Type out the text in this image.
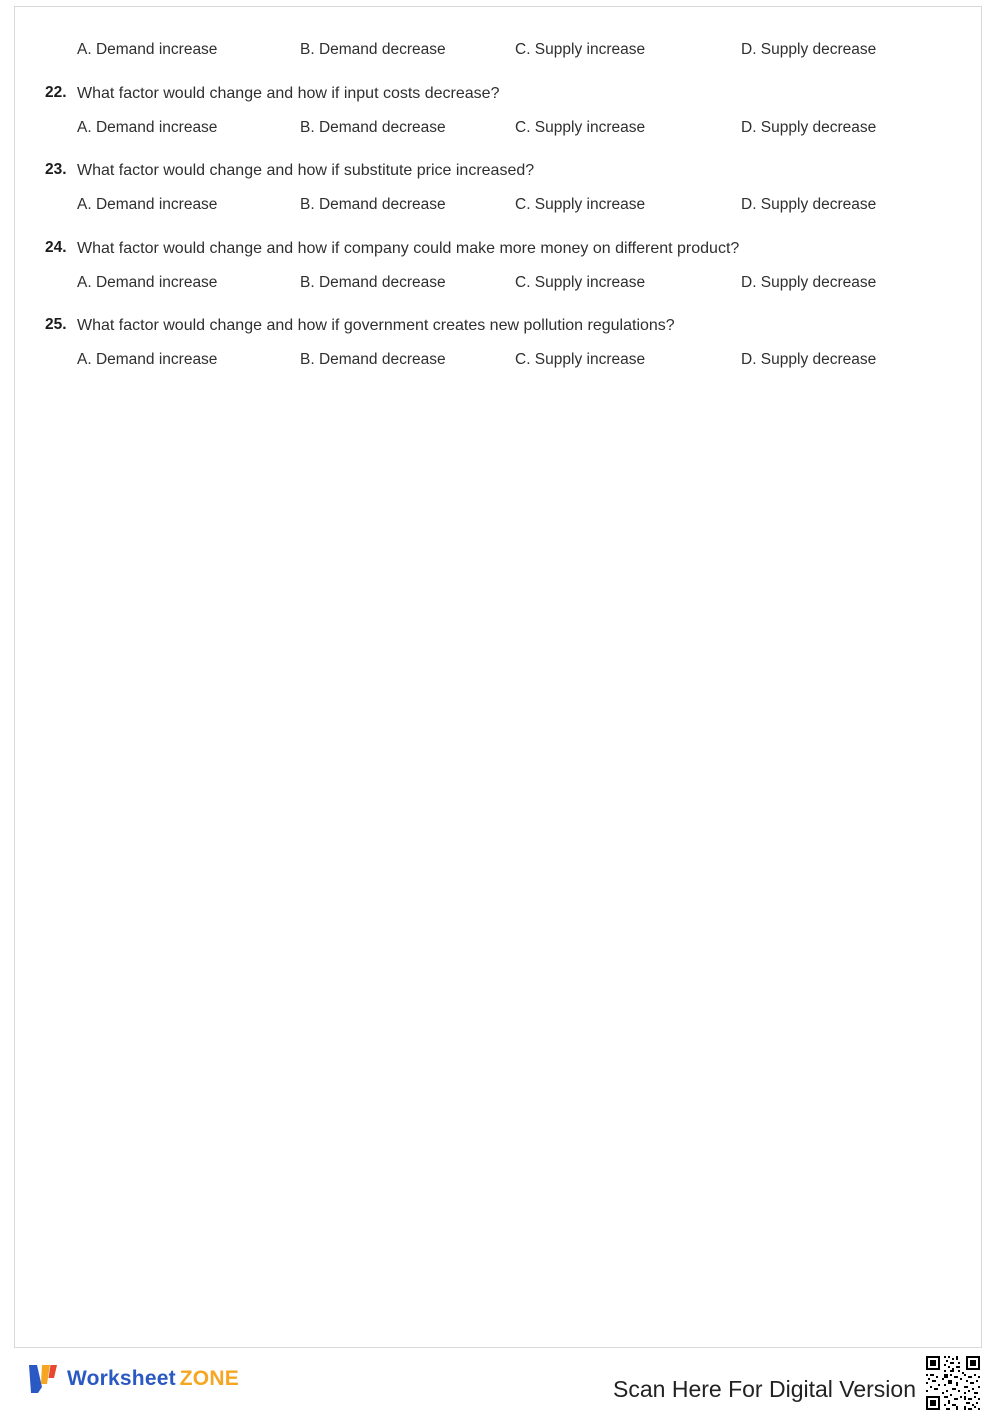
A. Demand increase	B. Demand decrease	C. Supply increase	D. Supply decrease
22. What factor would change and how if input costs decrease?
A. Demand increase	B. Demand decrease	C. Supply increase	D. Supply decrease
23. What factor would change and how if substitute price increased?
A. Demand increase	B. Demand decrease	C. Supply increase	D. Supply decrease
24. What factor would change and how if company could make more money on different product?
A. Demand increase	B. Demand decrease	C. Supply increase	D. Supply decrease
25. What factor would change and how if government creates new pollution regulations?
A. Demand increase	B. Demand decrease	C. Supply increase	D. Supply decrease
Worksheet ZONE	Scan Here For Digital Version
